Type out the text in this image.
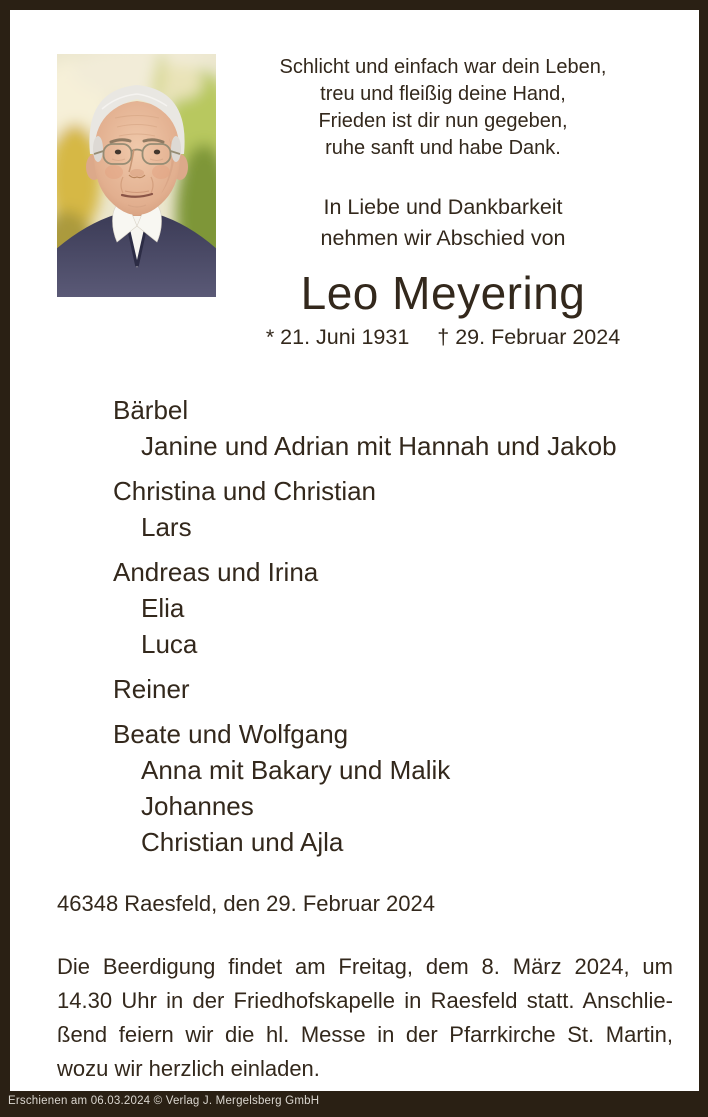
Schlicht und einfach war dein Leben,
treu und fleißig deine Hand,
Frieden ist dir nun gegeben,
ruhe sanft und habe Dank.
In Liebe und Dankbarkeit
nehmen wir Abschied von
Leo Meyering
* 21. Juni 1931 † 29. Februar 2024
Bärbel
Janine und Adrian mit Hannah und Jakob
Christina und Christian
Lars
Andreas und Irina
Elia
Luca
Reiner
Beate und Wolfgang
Anna mit Bakary und Malik
Johannes
Christian und Ajla
46348 Raesfeld, den 29. Februar 2024
Die Beerdigung findet am Freitag, dem 8. März 2024, um
14.30 Uhr in der Friedhofskapelle in Raesfeld statt. Anschlie-
ßend feiern wir die hl. Messe in der Pfarrkirche St. Martin,
wozu wir herzlich einladen.
Erschienen am 06.03.2024 © Verlag J. Mergelsberg GmbH
